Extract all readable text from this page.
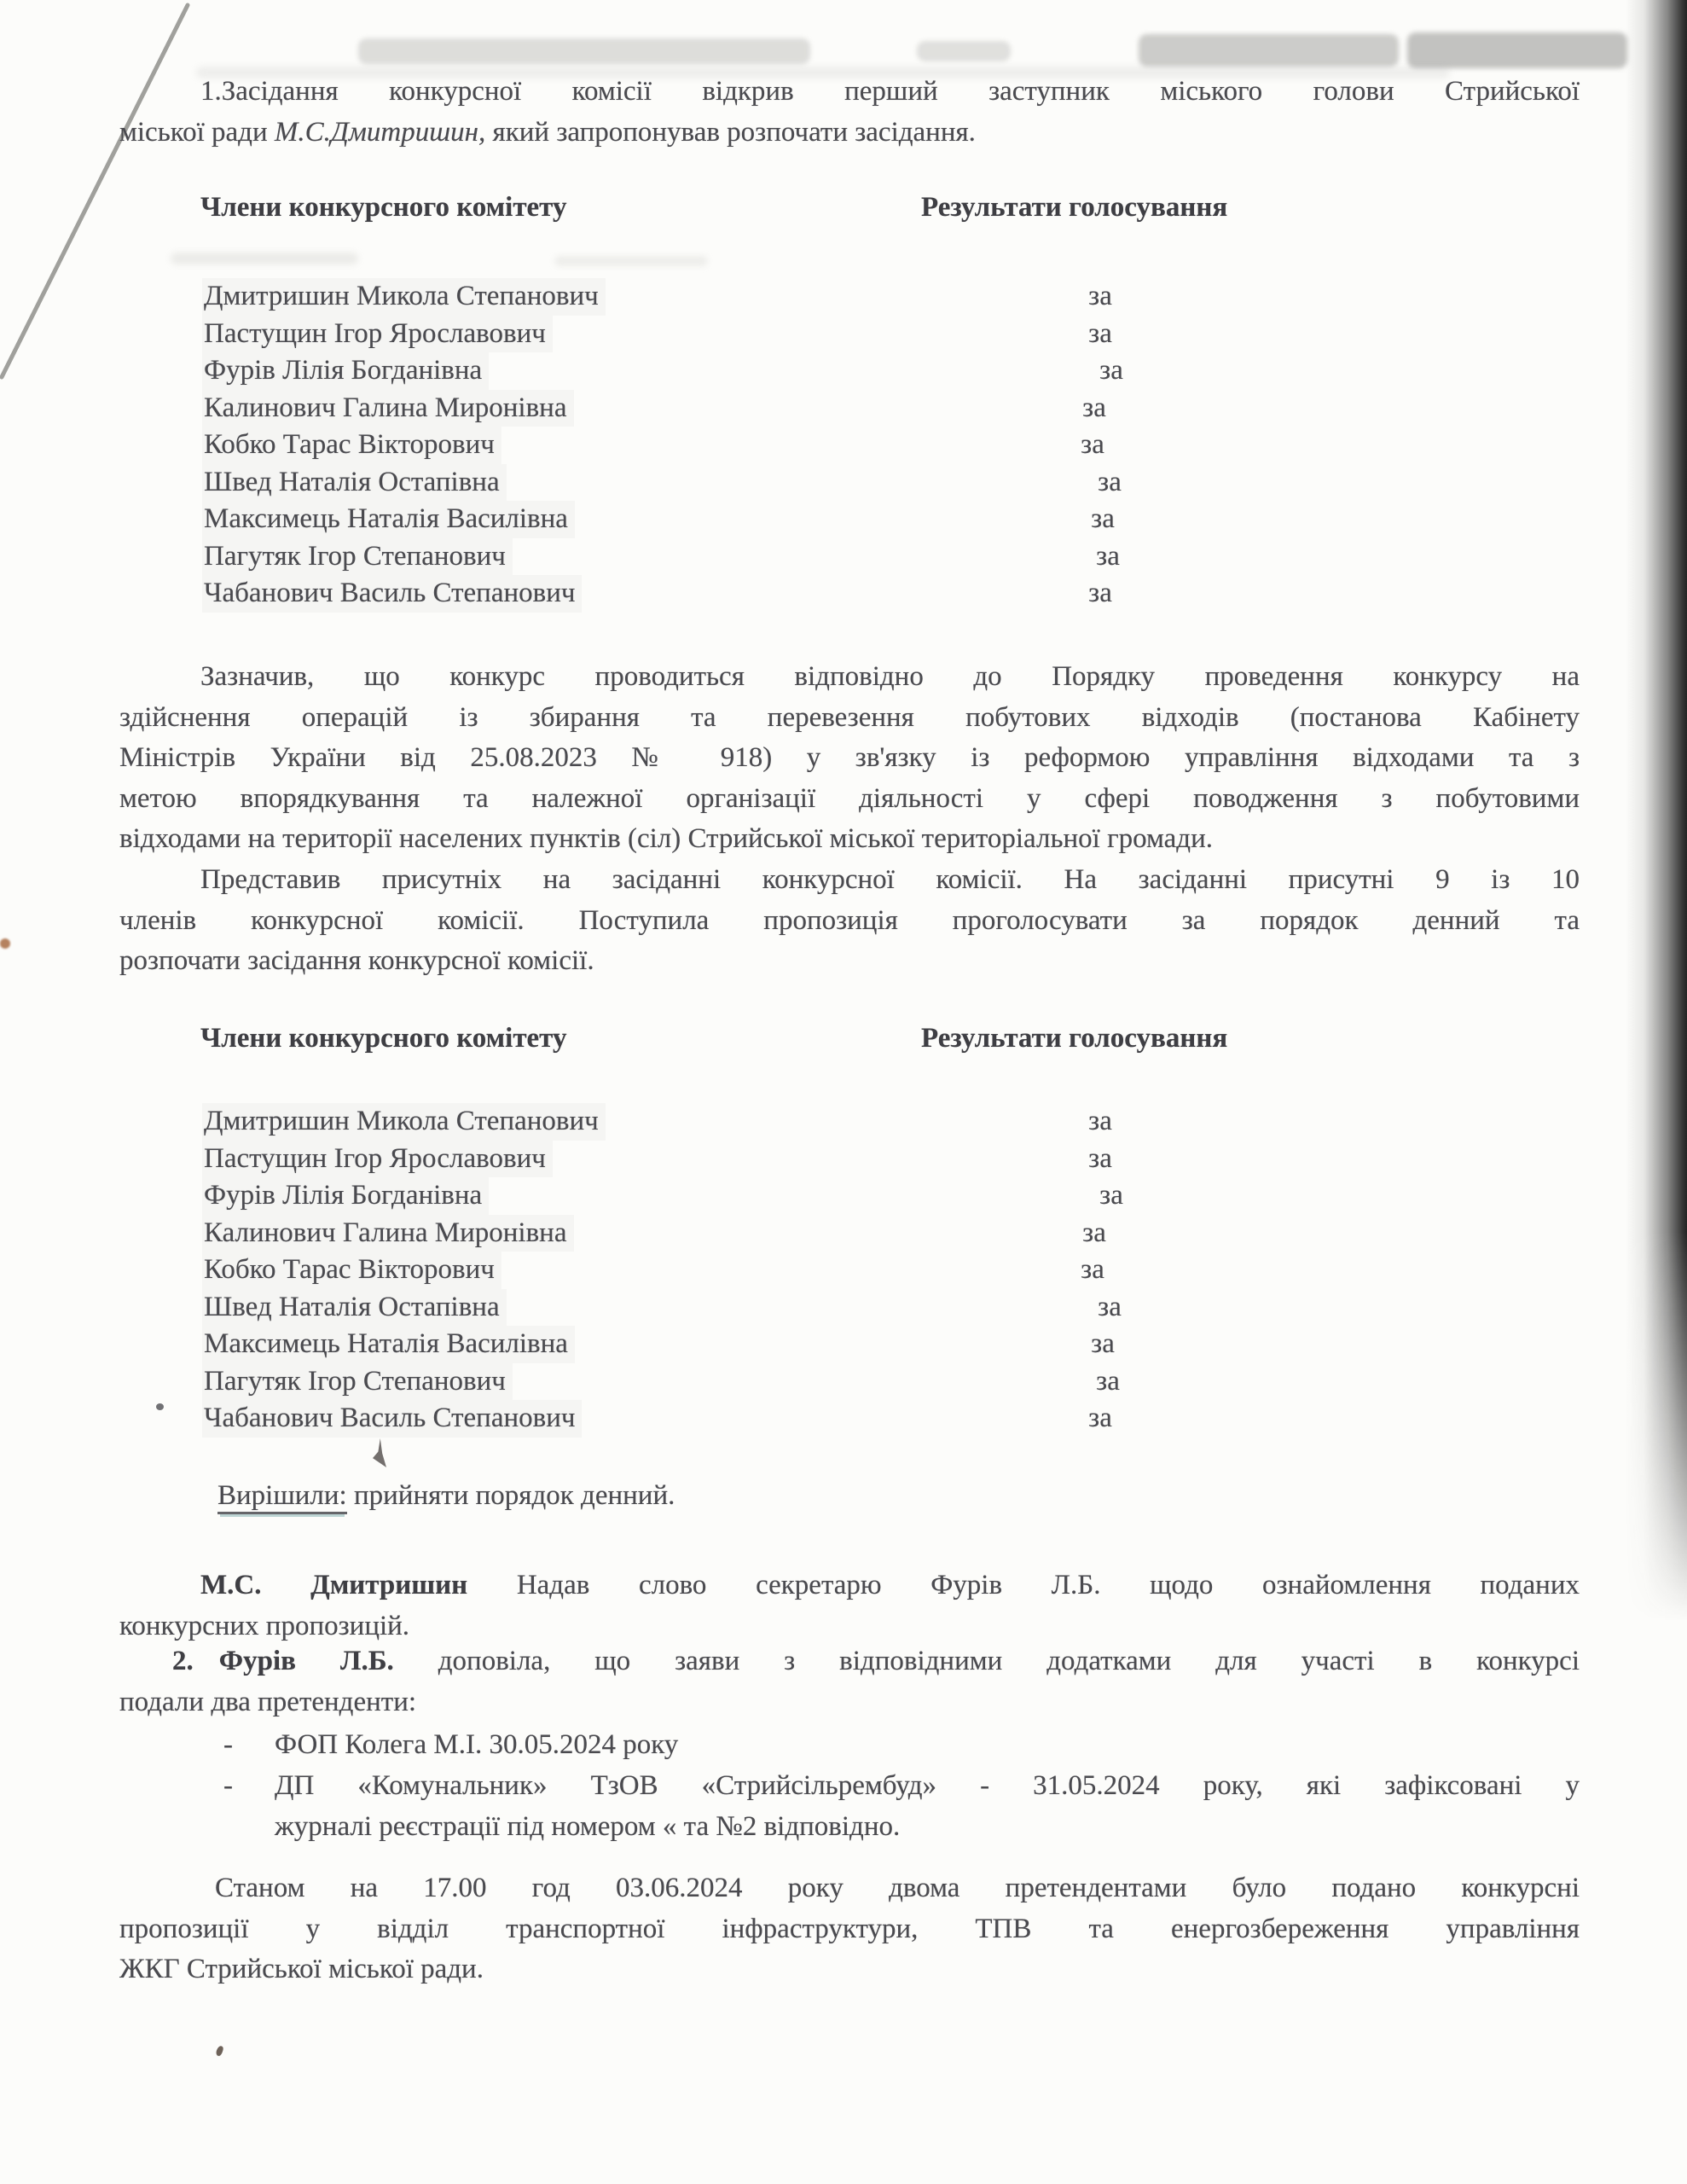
1.Засідання конкурсної комісії відкрив перший заступник міського голови Стрийської
міської ради М.С.Дмитришин, який запропонував розпочати засідання.
Члени конкурсного комітету	Результати голосування
Дмитришин Микола Степанович	за
Пастущин Ігор Ярославович	за
Фурів Лілія Богданівна	за
Калинович Галина Миронівна	за
Кобко Тарас Вікторович	за
Швед Наталія Остапівна	за
Максимець Наталія Василівна	за
Пагутяк Ігор Степанович	за
Чабанович Василь Степанович	за
Зазначив, що конкурс проводиться відповідно до Порядку проведення конкурсу на
здійснення операцій із збирання та перевезення побутових відходів (постанова Кабінету
Міністрів України від 25.08.2023 № 918) у зв'язку із реформою управління відходами та з
метою впорядкування та належної організації діяльності у сфері поводження з побутовими
відходами на території населених пунктів (сіл) Стрийської міської територіальної громади.
Представив присутніх на засіданні конкурсної комісії. На засіданні присутні 9 із 10
членів конкурсної комісії. Поступила пропозиція проголосувати за порядок денний та
розпочати засідання конкурсної комісії.
Члени конкурсного комітету	Результати голосування
Дмитришин Микола Степанович	за
Пастущин Ігор Ярославович	за
Фурів Лілія Богданівна	за
Калинович Галина Миронівна	за
Кобко Тарас Вікторович	за
Швед Наталія Остапівна	за
Максимець Наталія Василівна	за
Пагутяк Ігор Степанович	за
Чабанович Василь Степанович	за
Вирішили: прийняти порядок денний.
М.С. Дмитришин Надав слово секретарю Фурів Л.Б. щодо ознайомлення поданих
конкурсних пропозицій.
2. Фурів Л.Б. доповіла, що заяви з відповідними додатками для участі в конкурсі
подали два претенденти:
- ФОП Колега М.І. 30.05.2024 року
- ДП «Комунальник» ТзОВ «Стрийсільрембуд» - 31.05.2024 року, які зафіксовані у
журналі реєстрації під номером « та №2 відповідно.
Станом на 17.00 год 03.06.2024 року двома претендентами було подано конкурсні
пропозиції у відділ транспортної інфраструктури, ТПВ та енергозбереження управління
ЖКГ Стрийської міської ради.
